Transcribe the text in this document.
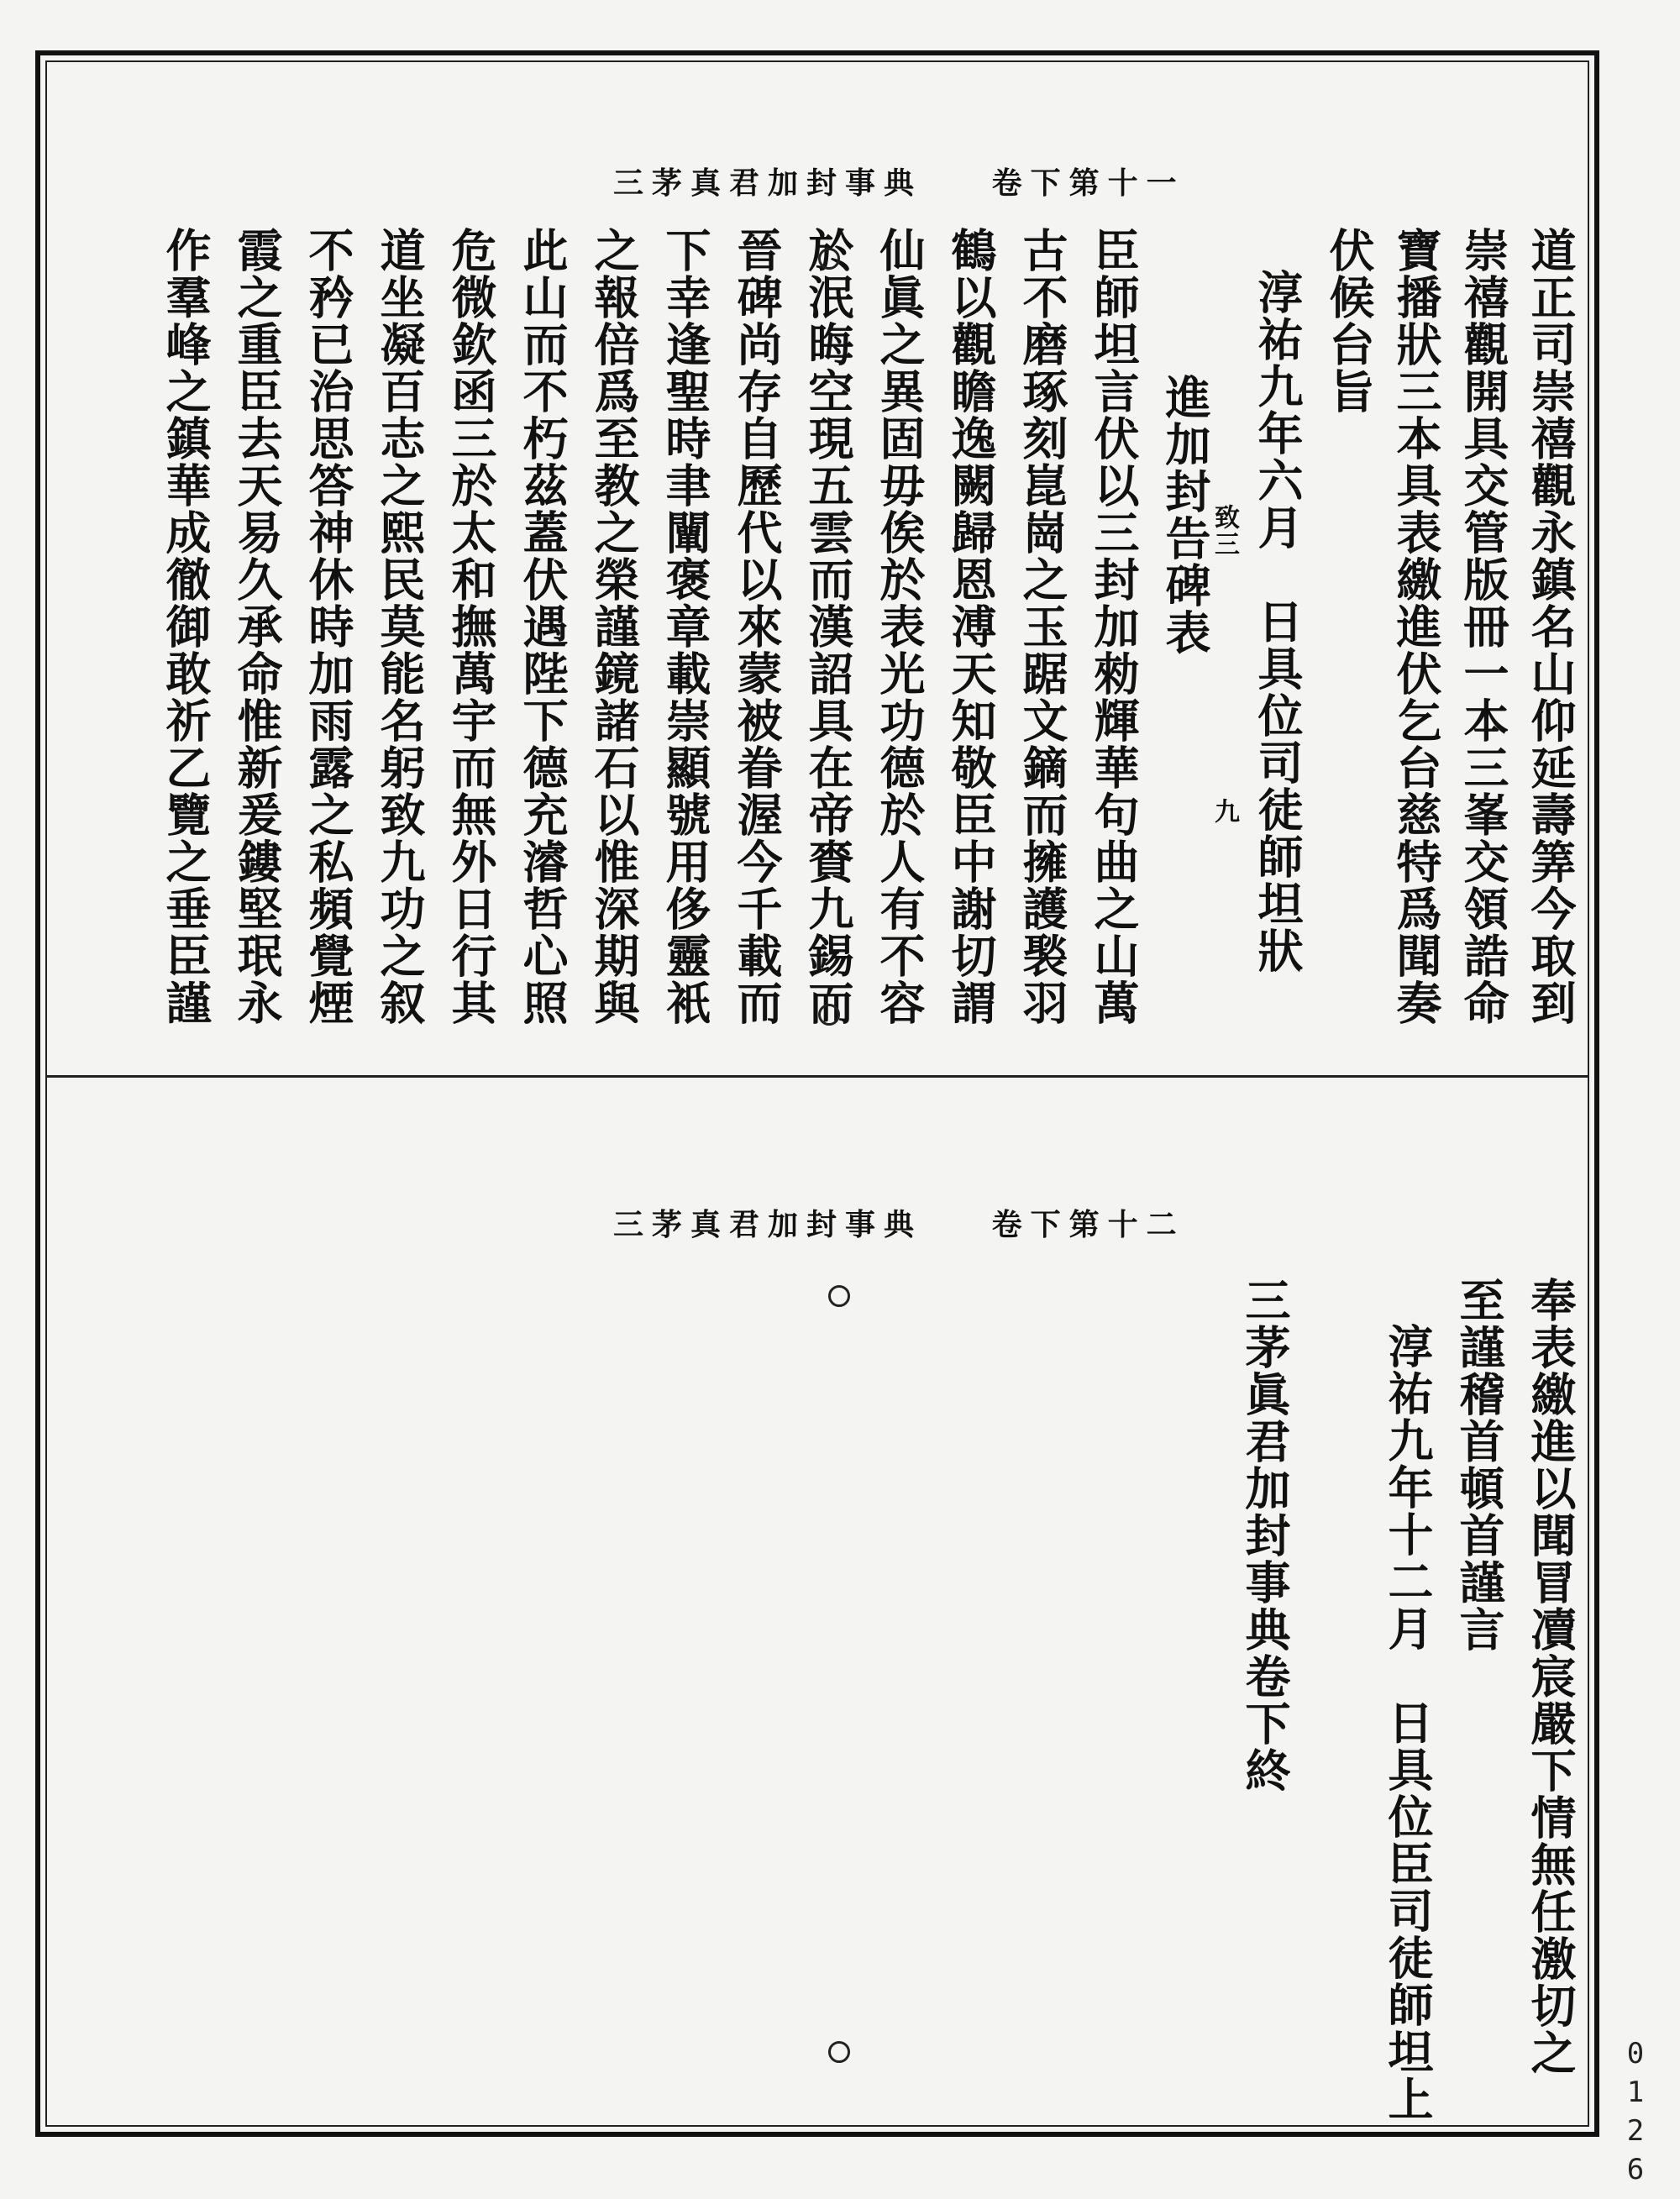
三茅真君加封事典 卷下第十一
道正司崇禧觀永鎮名山仰延壽筭今取到
崇禧觀開具交管版冊一本三峯交領誥命
寶播狀三本具表繳進伏乞台慈特爲聞奏
伏候台旨
淳祐九年六月　日具位司徒師坦狀
致三
九
進加封告碑表
臣師坦言伏以三封加勑輝華句曲之山萬
古不磨琢刻崑崗之玉踞文鏑而擁護褧羽
鶴以觀瞻逸闕歸恩溥天知敬臣中謝切謂
仙眞之異固毋俟於表光功德於人有不容
於泯晦空現五雲而漢詔具在帝賚九錫而
晉碑尚存自歷代以來蒙被眷渥今千載而
下幸逢聖時聿闡褒章載崇顯號用侈靈衹
之報倍爲至教之榮謹鏡諸石以惟深期與
此山而不朽茲蓋伏遇陛下德充濬哲心照
危微欽函三於太和撫萬宇而無外日行其
道坐凝百志之熙民莫能名躬致九功之叙
不矜已治思答神休時加雨露之私頻覺煙
霞之重臣去天易久承命惟新爰鏤堅珉永
作羣峰之鎮華成徹御敢祈乙覽之垂臣謹
三茅真君加封事典 卷下第十二
奉表繳進以聞冒凟宸嚴下情無任激切之
至謹稽首頓首謹言
淳祐九年十二月　日具位臣司徒師坦上
三茅眞君加封事典卷下終
0126
